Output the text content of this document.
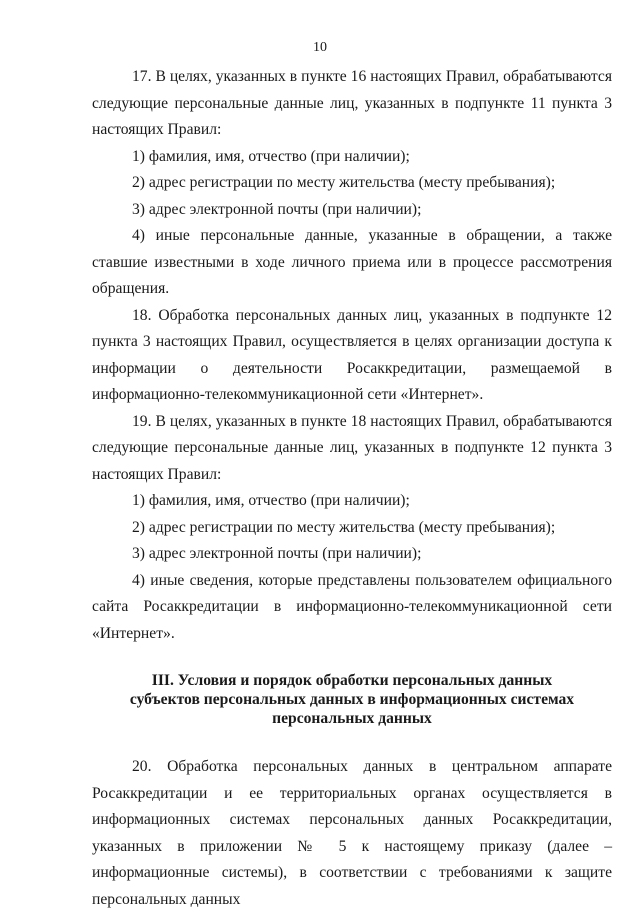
10

17. В целях, указанных в пункте 16 настоящих Правил, обрабатываются следующие персональные данные лиц, указанных в подпункте 11 пункта 3 настоящих Правил:

1) фамилия, имя, отчество (при наличии);

2) адрес регистрации по месту жительства (месту пребывания);

3) адрес электронной почты (при наличии);

4) иные персональные данные, указанные в обращении, а также ставшие известными в ходе личного приема или в процессе рассмотрения обращения.

18. Обработка персональных данных лиц, указанных в подпункте 12 пункта 3 настоящих Правил, осуществляется в целях организации доступа к информации о деятельности Росаккредитации, размещаемой в информационно-телекоммуникационной сети «Интернет».

19. В целях, указанных в пункте 18 настоящих Правил, обрабатываются следующие персональные данные лиц, указанных в подпункте 12 пункта 3 настоящих Правил:

1) фамилия, имя, отчество (при наличии);

2) адрес регистрации по месту жительства (месту пребывания);

3) адрес электронной почты (при наличии);

4) иные сведения, которые представлены пользователем официального сайта Росаккредитации в информационно-телекоммуникационной сети «Интернет».

III. Условия и порядок обработки персональных данных
субъектов персональных данных в информационных системах
персональных данных

20. Обработка персональных данных в центральном аппарате Росаккредитации и ее территориальных органах осуществляется в информационных системах персональных данных Росаккредитации, указанных в приложении № 5 к настоящему приказу (далее – информационные системы), в соответствии с требованиями к защите персональных данных
